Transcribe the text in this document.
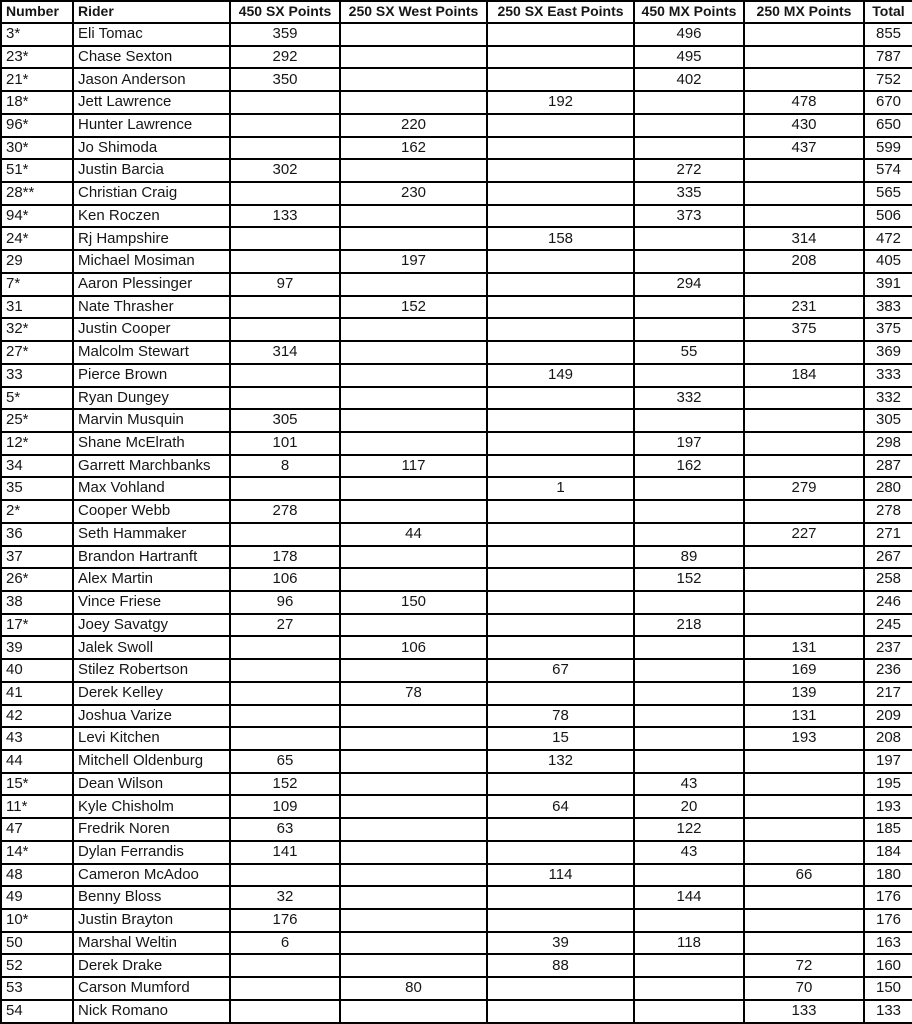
Number	Rider	450 SX Points	250 SX West Points	250 SX East Points	450 MX Points	250 MX Points	Total
3*	Eli Tomac	359			496		855
23*	Chase Sexton	292			495		787
21*	Jason Anderson	350			402		752
18*	Jett Lawrence			192		478	670
96*	Hunter Lawrence		220			430	650
30*	Jo Shimoda		162			437	599
51*	Justin Barcia	302			272		574
28**	Christian Craig		230		335		565
94*	Ken Roczen	133			373		506
24*	Rj Hampshire			158		314	472
29	Michael Mosiman		197			208	405
7*	Aaron Plessinger	97			294		391
31	Nate Thrasher		152			231	383
32*	Justin Cooper					375	375
27*	Malcolm Stewart	314			55		369
33	Pierce Brown			149		184	333
5*	Ryan Dungey				332		332
25*	Marvin Musquin	305					305
12*	Shane McElrath	101			197		298
34	Garrett Marchbanks	8	117		162		287
35	Max Vohland			1		279	280
2*	Cooper Webb	278					278
36	Seth Hammaker		44			227	271
37	Brandon Hartranft	178			89		267
26*	Alex Martin	106			152		258
38	Vince Friese	96	150				246
17*	Joey Savatgy	27			218		245
39	Jalek Swoll		106			131	237
40	Stilez Robertson			67		169	236
41	Derek Kelley		78			139	217
42	Joshua Varize			78		131	209
43	Levi Kitchen			15		193	208
44	Mitchell Oldenburg	65		132			197
15*	Dean Wilson	152			43		195
11*	Kyle Chisholm	109		64	20		193
47	Fredrik Noren	63			122		185
14*	Dylan Ferrandis	141			43		184
48	Cameron McAdoo			114		66	180
49	Benny Bloss	32			144		176
10*	Justin Brayton	176					176
50	Marshal Weltin	6		39	118		163
52	Derek Drake			88		72	160
53	Carson Mumford		80			70	150
54	Nick Romano					133	133
